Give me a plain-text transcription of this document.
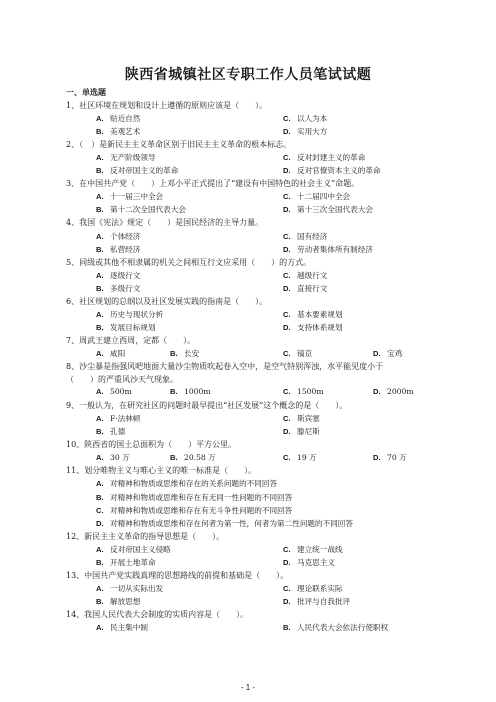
陕西省城镇社区专职工作人员笔试试题
一、单选题
1、社区环境在规划和设计上遵循的原则应该是（　　）。
A. 贴近自然	C. 以人为本
B. 美观艺术	D. 实用大方
2、（　）是新民主主义革命区别于旧民主主义革命的根本标志。
A. 无产阶级领导	C. 反对封建主义的革命
B. 反对帝国主义的革命	D. 反对官僚资本主义的革命
3、在中国共产党（　　）上邓小平正式提出了“建设有中国特色的社会主义”命题。
A. 十一届三中全会	C. 十二届四中全会
B. 第十二次全国代表大会	D. 第十三次全国代表大会
4、我国《宪法》规定（　　）是国民经济的主导力量。
A. 个体经济	C. 国有经济
B. 私营经济	D. 劳动者集体所有制经济
5、同级或其他不相隶属的机关之间相互行文应采用（　　）的方式。
A. 逐级行文	C. 越级行文
B. 多级行文	D. 直接行文
6、社区规划的总纲以及社区发展实践的指南是（　　）。
A. 历史与现状分析	C. 基本要素规划
B. 发展目标规划	D. 支持体系规划
7、周武王建立西周，定都（　　）。
A. 咸阳	B. 长安	C. 镐京	D. 宝鸡
8、沙尘暴是指强风吧地面大量沙尘物质吹起卷入空中，是空气特别浑浊，水平能见度小于
（　　）的严重风沙天气现象。
A. 500m	B. 1000m	C. 1500m	D. 2000m
9、一般认为，在研究社区的问题时最早提出“社区发展”这个概念的是（　　）。
A. F·法林顿	C. 斯宾塞
B. 孔德	D. 滕尼斯
10、陕西省的国土总面积为（　　）平方公里。
A. 30 万	B. 20.58 万	C. 19 万	D. 70 万
11、划分唯物主义与唯心主义的唯一标准是（　　）。
A. 对精神和物质或思维和存在的关系问题的不同回答
B. 对精神和物质或思维和存在有无同一性问题的不同回答
C. 对精神和物质或思维和存在有无斗争性问题的不同回答
D. 对精神和物质或思维和存在何者为第一性，何者为第二性问题的不同回答
12、新民主主义革命的指导思想是（　　）。
A. 反对帝国主义侵略	C. 建立统一战线
B. 开展土地革命	D. 马克思主义
13、中国共产党实践真理的思想路线的前提和基础是（　　）。
A. 一切从实际出发	C. 理论联系实际
B. 解放思想	D. 批评与自我批评
14、我国人民代表大会制度的实质内容是（　　）。
A. 民主集中制	B. 人民代表大会依法行使职权
- 1 -
